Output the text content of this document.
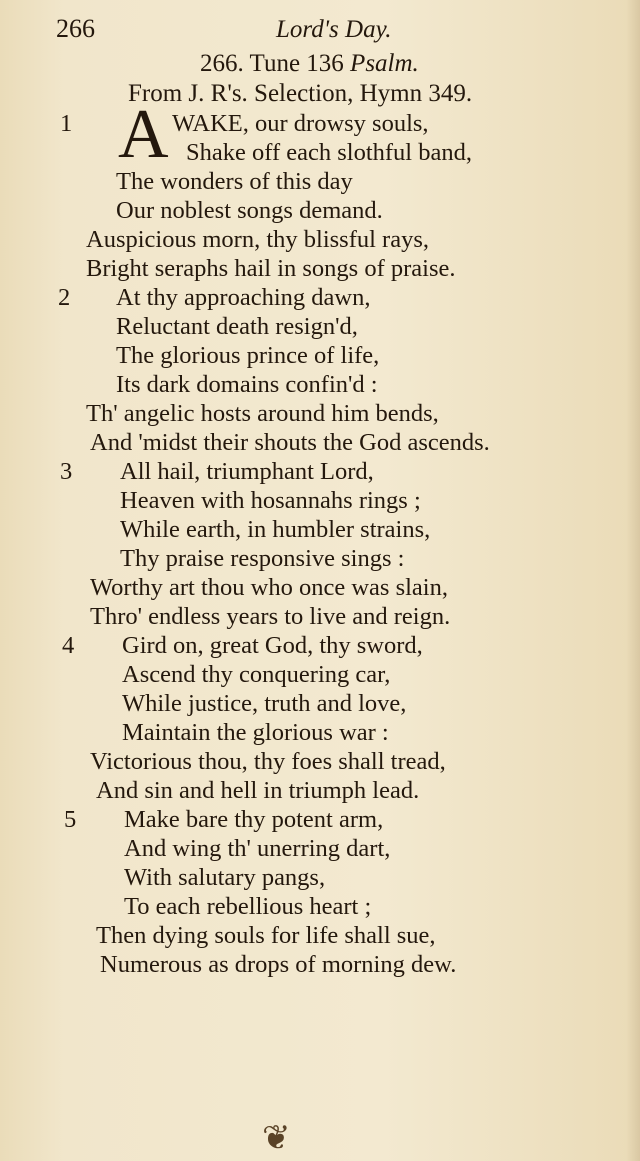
266	Lord's Day.
266. Tune 136 Psalm.
From J. R's. Selection, Hymn 349.
A WAKE, our drowsy souls,
1
Shake off each slothful band,
The wonders of this day
Our noblest songs demand.
Auspicious morn, thy blissful rays,
Bright seraphs hail in songs of praise.
2 At thy approaching dawn,
Reluctant death resign'd,
The glorious prince of life,
Its dark domains confin'd :
Th' angelic hosts around him bends,
And 'midst their shouts the God ascends.
3 All hail, triumphant Lord,
Heaven with hosannahs rings ;
While earth, in humbler strains,
Thy praise responsive sings :
Worthy art thou who once was slain,
Thro' endless years to live and reign.
4 Gird on, great God, thy sword,
Ascend thy conquering car,
While justice, truth and love,
Maintain the glorious war :
Victorious thou, thy foes shall tread,
And sin and hell in triumph lead.
5 Make bare thy potent arm,
And wing th' unerring dart,
With salutary pangs,
To each rebellious heart ;
Then dying souls for life shall sue,
Numerous as drops of morning dew.
❦
